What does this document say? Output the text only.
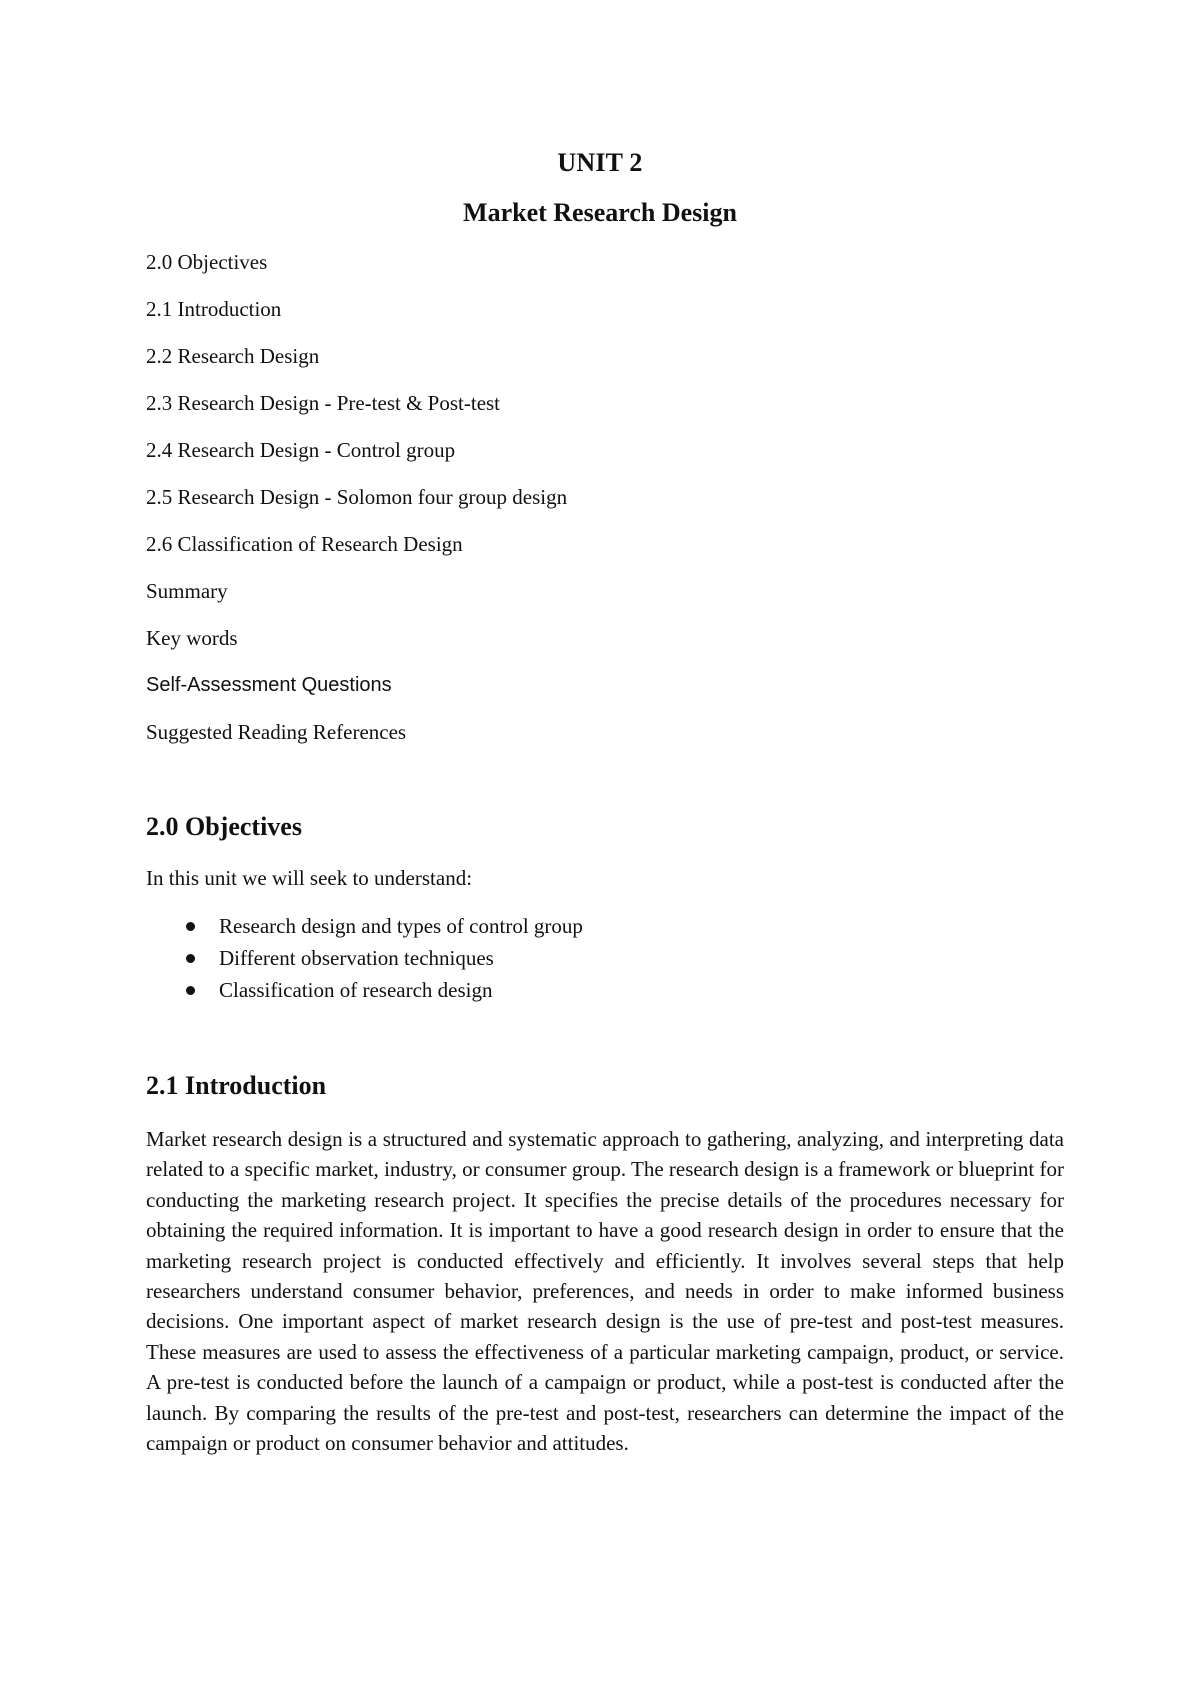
UNIT 2
Market Research Design
2.0 Objectives
2.1 Introduction
2.2 Research Design
2.3 Research Design - Pre-test & Post-test
2.4 Research Design - Control group
2.5 Research Design - Solomon four group design
2.6 Classification of Research Design
Summary
Key words
Self-Assessment Questions
Suggested Reading References
2.0 Objectives

In this unit we will seek to understand:

Research design and types of control group
Different observation techniques
Classification of research design
2.1 Introduction

Market research design is a structured and systematic approach to gathering, analyzing, and interpreting data related to a specific market, industry, or consumer group. The research design is a framework or blueprint for conducting the marketing research project. It specifies the precise details of the procedures necessary for obtaining the required information. It is important to have a good research design in order to ensure that the marketing research project is conducted effectively and efficiently. It involves several steps that help researchers understand consumer behavior, preferences, and needs in order to make informed business decisions. One important aspect of market research design is the use of pre-test and post-test measures. These measures are used to assess the effectiveness of a particular marketing campaign, product, or service. A pre-test is conducted before the launch of a campaign or product, while a post-test is conducted after the launch. By comparing the results of the pre-test and post-test, researchers can determine the impact of the campaign or product on consumer behavior and attitudes.
